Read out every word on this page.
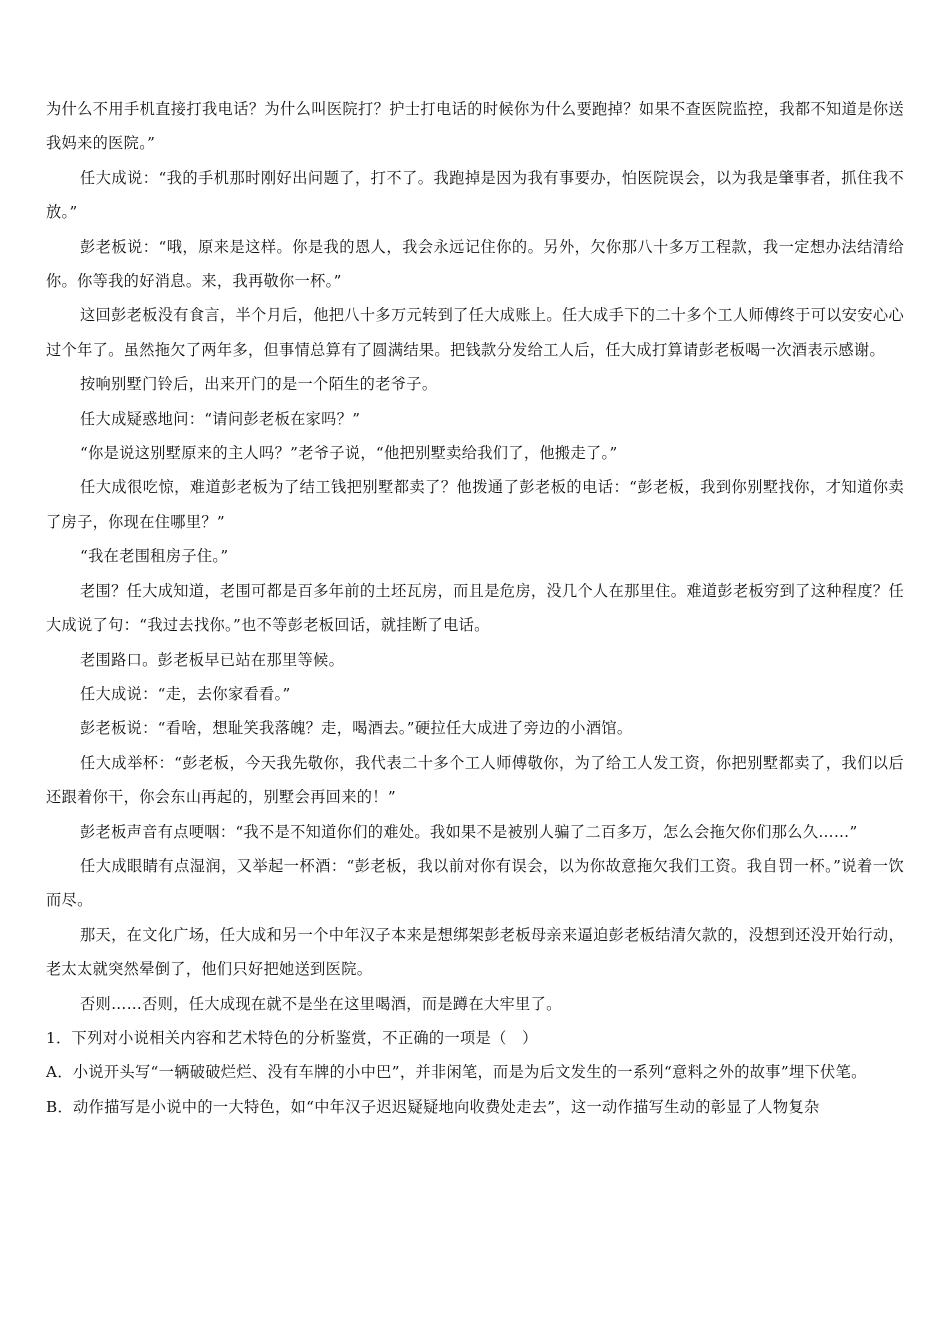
为什么不用手机直接打我电话？为什么叫医院打？护士打电话的时候你为什么要跑掉？如果不查医院监控，我都不知道是你送我妈来的医院。”

任大成说：“我的手机那时刚好出问题了，打不了。我跑掉是因为我有事要办，怕医院误会，以为我是肇事者，抓住我不放。”

彭老板说：“哦，原来是这样。你是我的恩人，我会永远记住你的。另外，欠你那八十多万工程款，我一定想办法结清给你。你等我的好消息。来，我再敬你一杯。”

这回彭老板没有食言，半个月后，他把八十多万元转到了任大成账上。任大成手下的二十多个工人师傅终于可以安安心心过个年了。虽然拖欠了两年多，但事情总算有了圆满结果。把钱款分发给工人后，任大成打算请彭老板喝一次酒表示感谢。

按响别墅门铃后，出来开门的是一个陌生的老爷子。

任大成疑惑地问：“请问彭老板在家吗？”

“你是说这别墅原来的主人吗？”老爷子说，“他把别墅卖给我们了，他搬走了。”

任大成很吃惊，难道彭老板为了结工钱把别墅都卖了？他拨通了彭老板的电话：“彭老板，我到你别墅找你，才知道你卖了房子，你现在住哪里？”

“我在老围租房子住。”

老围？任大成知道，老围可都是百多年前的土坯瓦房，而且是危房，没几个人在那里住。难道彭老板穷到了这种程度？任大成说了句：“我过去找你。”也不等彭老板回话，就挂断了电话。

老围路口。彭老板早已站在那里等候。

任大成说：“走，去你家看看。”

彭老板说：“看啥，想耻笑我落魄？走，喝酒去。”硬拉任大成进了旁边的小酒馆。

任大成举杯：“彭老板，今天我先敬你，我代表二十多个工人师傅敬你，为了给工人发工资，你把别墅都卖了，我们以后还跟着你干，你会东山再起的，别墅会再回来的！”

彭老板声音有点哽咽：“我不是不知道你们的难处。我如果不是被别人骗了二百多万，怎么会拖欠你们那么久……”

任大成眼睛有点湿润，又举起一杯酒：“彭老板，我以前对你有误会，以为你故意拖欠我们工资。我自罚一杯。”说着一饮而尽。

那天，在文化广场，任大成和另一个中年汉子本来是想绑架彭老板母亲来逼迫彭老板结清欠款的，没想到还没开始行动，老太太就突然晕倒了，他们只好把她送到医院。

否则……否则，任大成现在就不是坐在这里喝酒，而是蹲在大牢里了。

1．下列对小说相关内容和艺术特色的分析鉴赏，不正确的一项是（　）

A．小说开头写“一辆破破烂烂、没有车牌的小中巴”，并非闲笔，而是为后文发生的一系列“意料之外的故事”埋下伏笔。

B．动作描写是小说中的一大特色，如“中年汉子迟迟疑疑地向收费处走去”，这一动作描写生动的彰显了人物复杂
